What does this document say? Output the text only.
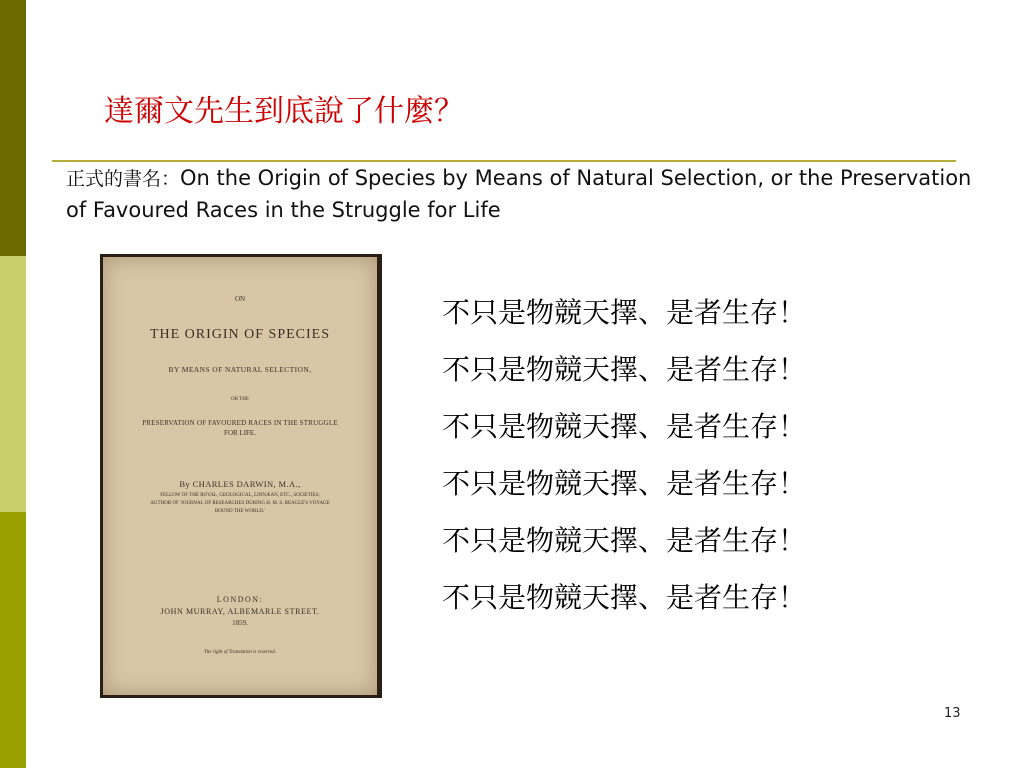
達爾文先生到底說了什麼？
正式的書名：On the Origin of Species by Means of Natural Selection, or the Preservation of Favoured Races in the Struggle for Life
ON
THE ORIGIN OF SPECIES
BY MEANS OF NATURAL SELECTION,
OR THE
PRESERVATION OF FAVOURED RACES IN THE STRUGGLE
FOR LIFE.
By CHARLES DARWIN, M.A.,
FELLOW OF THE ROYAL, GEOLOGICAL, LINNÆAN, ETC., SOCIETIES;
AUTHOR OF 'JOURNAL OF RESEARCHES DURING H. M. S. BEAGLE'S VOYAGE
ROUND THE WORLD.'
LONDON:
JOHN MURRAY, ALBEMARLE STREET.
1859.
The right of Translation is reserved.
不只是物競天擇、是者生存！
不只是物競天擇、是者生存！
不只是物競天擇、是者生存！
不只是物競天擇、是者生存！
不只是物競天擇、是者生存！
不只是物競天擇、是者生存！
13
